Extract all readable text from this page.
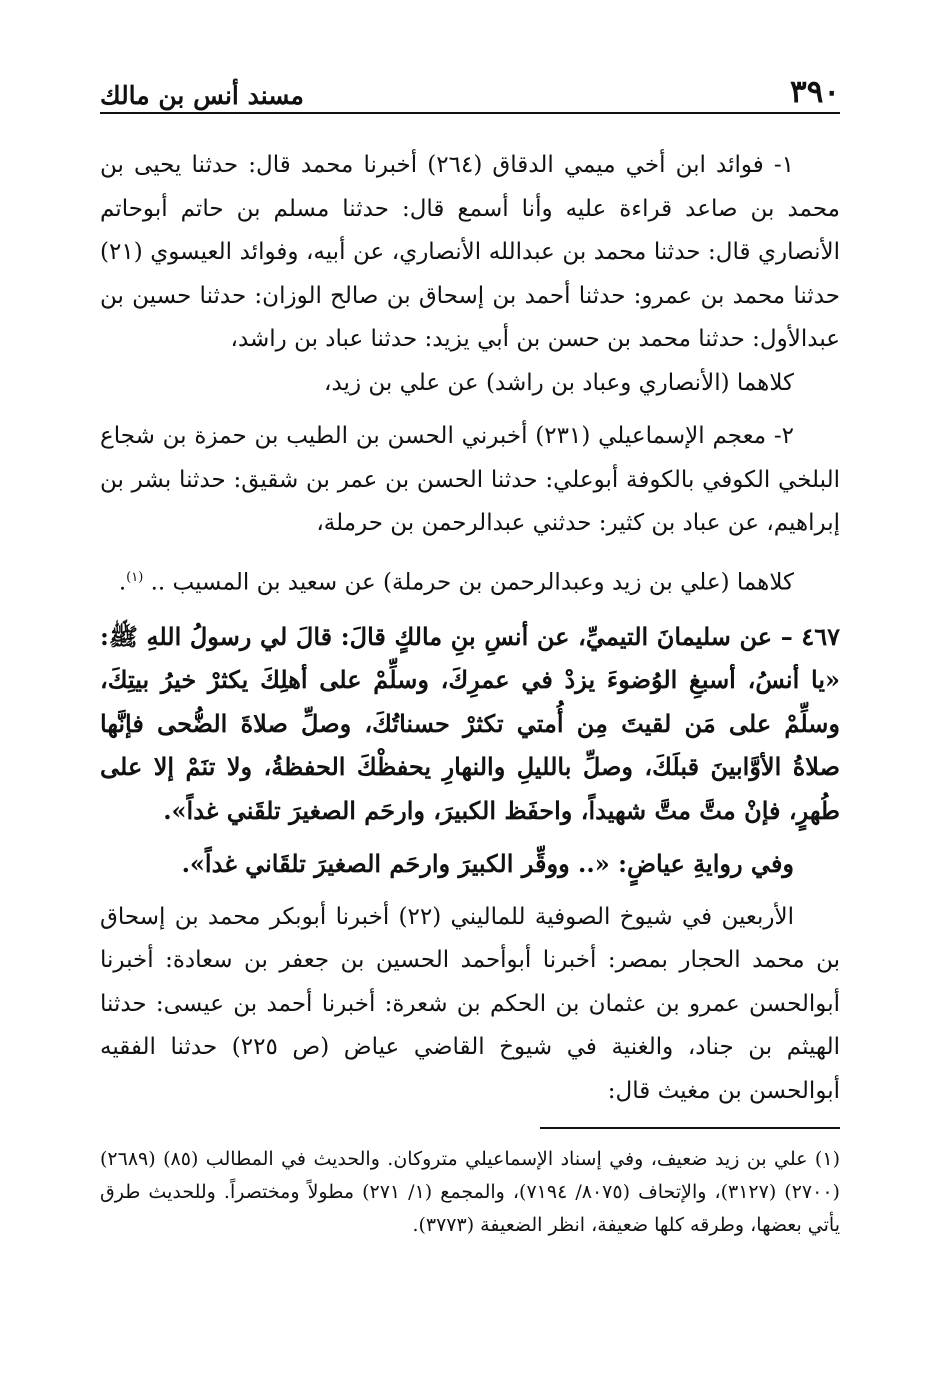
٣٩٠
مسند أنس بن مالك

١- فوائد ابن أخي ميمي الدقاق (٢٦٤) أخبرنا محمد قال: حدثنا يحيى بن محمد بن صاعد قراءة عليه وأنا أسمع قال: حدثنا مسلم بن حاتم أبوحاتم الأنصاري قال: حدثنا محمد بن عبدالله الأنصاري، عن أبيه، وفوائد العيسوي (٢١) حدثنا محمد بن عمرو: حدثنا أحمد بن إسحاق بن صالح الوزان: حدثنا حسين بن عبدالأول: حدثنا محمد بن حسن بن أبي يزيد: حدثنا عباد بن راشد،

كلاهما (الأنصاري وعباد بن راشد) عن علي بن زيد،

٢- معجم الإسماعيلي (٢٣١) أخبرني الحسن بن الطيب بن حمزة بن شجاع البلخي الكوفي بالكوفة أبوعلي: حدثنا الحسن بن عمر بن شقيق: حدثنا بشر بن إبراهيم، عن عباد بن كثير: حدثني عبدالرحمن بن حرملة،

كلاهما (علي بن زيد وعبدالرحمن بن حرملة) عن سعيد بن المسيب .. $^{(١)}$.

٤٦٧ – عن سليمانَ التيميِّ، عن أنسِ بنِ مالكٍ قالَ: قالَ لي رسولُ اللهِ ﷺ: «يا أنسُ، أسبغِ الوُضوءَ يزدْ في عمرِكَ، وسلِّمْ على أهلِكَ يكثرْ خيرُ بيتِكَ، وسلِّمْ على مَن لقيتَ مِن أُمتي تكثرْ حسناتُكَ، وصلِّ صلاةَ الضُّحى فإنَّها صلاةُ الأوَّابينَ قبلَكَ، وصلِّ بالليلِ والنهارِ يحفظْكَ الحفظةُ، ولا تنَمْ إلا على طُهرٍ، فإنْ متَّ متَّ شهيداً، واحفَظ الكبيرَ، وارحَم الصغيرَ تلقَني غداً».

وفي روايةِ عياضٍ: «.. ووقِّر الكبيرَ وارحَم الصغيرَ تلقَاني غداً».

الأربعين في شيوخ الصوفية للماليني (٢٢) أخبرنا أبوبكر محمد بن إسحاق بن محمد الحجار بمصر: أخبرنا أبوأحمد الحسين بن جعفر بن سعادة: أخبرنا أبوالحسن عمرو بن عثمان بن الحكم بن شعرة: أخبرنا أحمد بن عيسى: حدثنا الهيثم بن جناد، والغنية في شيوخ القاضي عياض (ص ٢٢٥) حدثنا الفقيه أبوالحسن بن مغيث قال:

(١) علي بن زيد ضعيف، وفي إسناد الإسماعيلي متروكان. والحديث في المطالب (٨٥) (٢٦٨٩) (٢٧٠٠) (٣١٢٧)، والإتحاف (٨٠٧٥/ ٧١٩٤)، والمجمع (١/ ٢٧١) مطولاً ومختصراً. وللحديث طرق يأتي بعضها، وطرقه كلها ضعيفة، انظر الضعيفة (٣٧٧٣).
